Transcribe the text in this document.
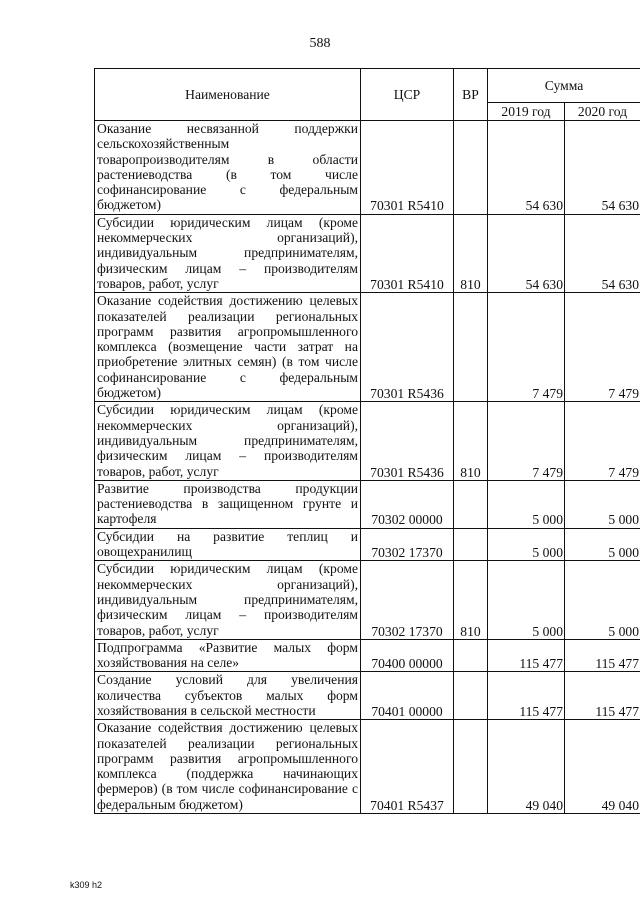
588
Наименование	ЦСР	ВР	Сумма	
			2019 год	2020 год
Оказание несвязанной поддержки сельскохозяйственным товаропроизводителям в области растениеводства (в том числе софинансирование с федеральным бюджетом)	70301 R5410		54 630	54 630
Субсидии юридическим лицам (кроме некоммерческих организаций), индивидуальным предпринимателям, физическим лицам – производителям товаров, работ, услуг	70301 R5410	810	54 630	54 630
Оказание содействия достижению целевых показателей реализации региональных программ развития агропромышленного комплекса (возмещение части затрат на приобретение элитных семян) (в том числе софинансирование с федеральным бюджетом)	70301 R5436		7 479	7 479
Субсидии юридическим лицам (кроме некоммерческих организаций), индивидуальным предпринимателям, физическим лицам – производителям товаров, работ, услуг	70301 R5436	810	7 479	7 479
Развитие производства продукции растениеводства в защищенном грунте и картофеля	70302 00000		5 000	5 000
Субсидии на развитие теплиц и овощехранилищ	70302 17370		5 000	5 000
Субсидии юридическим лицам (кроме некоммерческих организаций), индивидуальным предпринимателям, физическим лицам – производителям товаров, работ, услуг	70302 17370	810	5 000	5 000
Подпрограмма «Развитие малых форм хозяйствования на селе»	70400 00000		115 477	115 477
Создание условий для увеличения количества субъектов малых форм хозяйствования в сельской местности	70401 00000		115 477	115 477
Оказание содействия достижению целевых показателей реализации региональных программ развития агропромышленного комплекса (поддержка начинающих фермеров) (в том числе софинансирование с федеральным бюджетом)	70401 R5437		49 040	49 040
k309 h2
